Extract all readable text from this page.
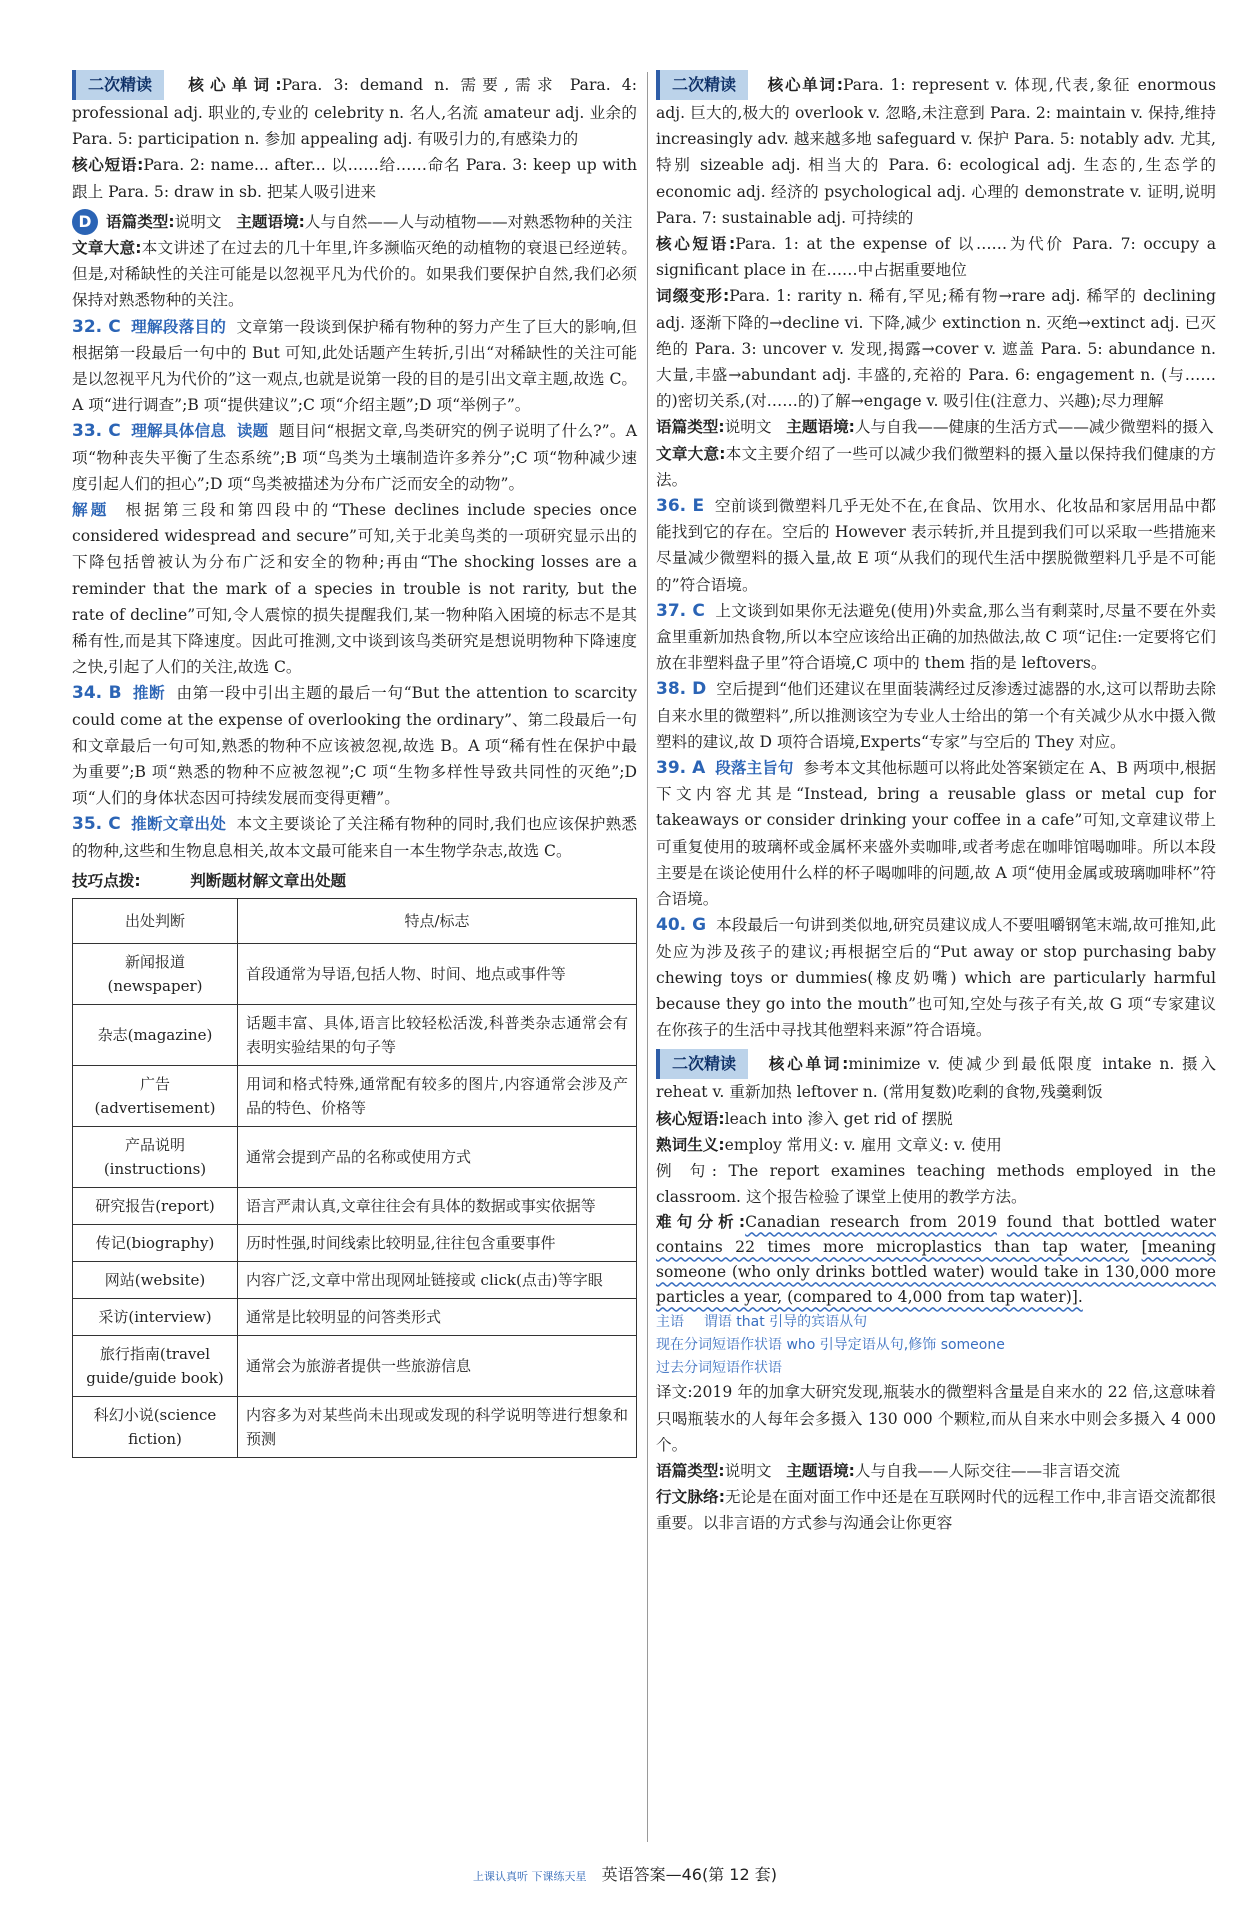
二次精读 核心单词:Para. 3: demand n. 需要,需求 Para. 4: professional adj. 职业的,专业的 celebrity n. 名人,名流 amateur adj. 业余的 Para. 5: participation n. 参加 appealing adj. 有吸引力的,有感染力的

核心短语:Para. 2: name... after... 以……给……命名 Para. 3: keep up with 跟上 Para. 5: draw in sb. 把某人吸引进来

D 语篇类型:说明文 主题语境:人与自然——人与动植物——对熟悉物种的关注

文章大意:本文讲述了在过去的几十年里,许多濒临灭绝的动植物的衰退已经逆转。但是,对稀缺性的关注可能是以忽视平凡为代价的。如果我们要保护自然,我们必须保持对熟悉物种的关注。

32. C 理解段落目的 文章第一段谈到保护稀有物种的努力产生了巨大的影响,但根据第一段最后一句中的 But 可知,此处话题产生转折,引出“对稀缺性的关注可能是以忽视平凡为代价的”这一观点,也就是说第一段的目的是引出文章主题,故选 C。A 项“进行调查”;B 项“提供建议”;C 项“介绍主题”;D 项“举例子”。

33. C 理解具体信息 读题 题目问“根据文章,鸟类研究的例子说明了什么?”。A 项“物种丧失平衡了生态系统”;B 项“鸟类为土壤制造许多养分”;C 项“物种减少速度引起人们的担心”;D 项“鸟类被描述为分布广泛而安全的动物”。

解题 根据第三段和第四段中的“These declines include species once considered widespread and secure”可知,关于北美鸟类的一项研究显示出的下降包括曾被认为分布广泛和安全的物种;再由“The shocking losses are a reminder that the mark of a species in trouble is not rarity, but the rate of decline”可知,令人震惊的损失提醒我们,某一物种陷入困境的标志不是其稀有性,而是其下降速度。因此可推测,文中谈到该鸟类研究是想说明物种下降速度之快,引起了人们的关注,故选 C。

34. B 推断 由第一段中引出主题的最后一句“But the attention to scarcity could come at the expense of overlooking the ordinary”、第二段最后一句和文章最后一句可知,熟悉的物种不应该被忽视,故选 B。A 项“稀有性在保护中最为重要”;B 项“熟悉的物种不应被忽视”;C 项“生物多样性导致共同性的灭绝”;D 项“人们的身体状态因可持续发展而变得更糟”。

35. C 推断文章出处 本文主要谈论了关注稀有物种的同时,我们也应该保护熟悉的物种,这些和生物息息相关,故本文最可能来自一本生物学杂志,故选 C。

技巧点拨:	判断题材解文章出处题

出处判断	特点/标志
新闻报道(newspaper)	首段通常为导语,包括人物、时间、地点或事件等
杂志(magazine)	话题丰富、具体,语言比较轻松活泼,科普类杂志通常会有表明实验结果的句子等
广告(advertisement)	用词和格式特殊,通常配有较多的图片,内容通常会涉及产品的特色、价格等
产品说明(instructions)	通常会提到产品的名称或使用方式
研究报告(report)	语言严肃认真,文章往往会有具体的数据或事实依据等
传记(biography)	历时性强,时间线索比较明显,往往包含重要事件
网站(website)	内容广泛,文章中常出现网址链接或 click(点击)等字眼
采访(interview)	通常是比较明显的问答类形式
旅行指南(travel guide/guide book)	通常会为旅游者提供一些旅游信息
科幻小说(science fiction)	内容多为对某些尚未出现或发现的科学说明等进行想象和预测

二次精读 核心单词:Para. 1: represent v. 体现,代表,象征 enormous adj. 巨大的,极大的 overlook v. 忽略,未注意到 Para. 2: maintain v. 保持,维持 increasingly adv. 越来越多地 safeguard v. 保护 Para. 5: notably adv. 尤其,特别 sizeable adj. 相当大的 Para. 6: ecological adj. 生态的,生态学的 economic adj. 经济的 psychological adj. 心理的 demonstrate v. 证明,说明 Para. 7: sustainable adj. 可持续的

核心短语:Para. 1: at the expense of 以……为代价 Para. 7: occupy a significant place in 在……中占据重要地位

词缀变形:Para. 1: rarity n. 稀有,罕见;稀有物→rare adj. 稀罕的 declining adj. 逐渐下降的→decline vi. 下降,减少 extinction n. 灭绝→extinct adj. 已灭绝的 Para. 3: uncover v. 发现,揭露→cover v. 遮盖 Para. 5: abundance n. 大量,丰盛→abundant adj. 丰盛的,充裕的 Para. 6: engagement n. (与……的)密切关系,(对……的)了解→engage v. 吸引住(注意力、兴趣);尽力理解

语篇类型:说明文 主题语境:人与自我——健康的生活方式——减少微塑料的摄入

文章大意:本文主要介绍了一些可以减少我们微塑料的摄入量以保持我们健康的方法。

36. E 空前谈到微塑料几乎无处不在,在食品、饮用水、化妆品和家居用品中都能找到它的存在。空后的 However 表示转折,并且提到我们可以采取一些措施来尽量减少微塑料的摄入量,故 E 项“从我们的现代生活中摆脱微塑料几乎是不可能的”符合语境。

37. C 上文谈到如果你无法避免(使用)外卖盒,那么当有剩菜时,尽量不要在外卖盒里重新加热食物,所以本空应该给出正确的加热做法,故 C 项“记住:一定要将它们放在非塑料盘子里”符合语境,C 项中的 them 指的是 leftovers。

38. D 空后提到“他们还建议在里面装满经过反渗透过滤器的水,这可以帮助去除自来水里的微塑料”,所以推测该空为专业人士给出的第一个有关减少从水中摄入微塑料的建议,故 D 项符合语境,Experts“专家”与空后的 They 对应。

39. A 段落主旨句 参考本文其他标题可以将此处答案锁定在 A、B 两项中,根据下文内容尤其是“Instead, bring a reusable glass or metal cup for takeaways or consider drinking your coffee in a cafe”可知,文章建议带上可重复使用的玻璃杯或金属杯来盛外卖咖啡,或者考虑在咖啡馆喝咖啡。所以本段主要是在谈论使用什么样的杯子喝咖啡的问题,故 A 项“使用金属或玻璃咖啡杯”符合语境。

40. G 本段最后一句讲到类似地,研究员建议成人不要咀嚼钢笔末端,故可推知,此处应为涉及孩子的建议;再根据空后的“Put away or stop purchasing baby chewing toys or dummies(橡皮奶嘴) which are particularly harmful because they go into the mouth”也可知,空处与孩子有关,故 G 项“专家建议在你孩子的生活中寻找其他塑料来源”符合语境。

二次精读 核心单词:minimize v. 使减少到最低限度 intake n. 摄入 reheat v. 重新加热 leftover n. (常用复数)吃剩的食物,残羹剩饭

核心短语:leach into 渗入 get rid of 摆脱

熟词生义:employ 常用义: v. 雇用 文章义: v. 使用

例 句: The report examines teaching methods employed in the classroom. 这个报告检验了课堂上使用的教学方法。

难句分析:Canadian research from 2019 found that bottled water contains 22 times more microplastics than tap water, [meaning someone (who only drinks bottled water) would take in 130,000 more particles a year, (compared to 4,000 from tap water)].

主语 谓语 that 引导的宾语从句
现在分词短语作状语 who 引导定语从句,修饰 someone
过去分词短语作状语

译文:2019 年的加拿大研究发现,瓶装水的微塑料含量是自来水的 22 倍,这意味着只喝瓶装水的人每年会多摄入 130 000 个颗粒,而从自来水中则会多摄入 4 000 个。

语篇类型:说明文 主题语境:人与自我——人际交往——非言语交流

行文脉络:无论是在面对面工作中还是在互联网时代的远程工作中,非言语交流都很重要。以非言语的方式参与沟通会让你更容

上课认真听 下课练天星 英语答案—46(第 12 套)
